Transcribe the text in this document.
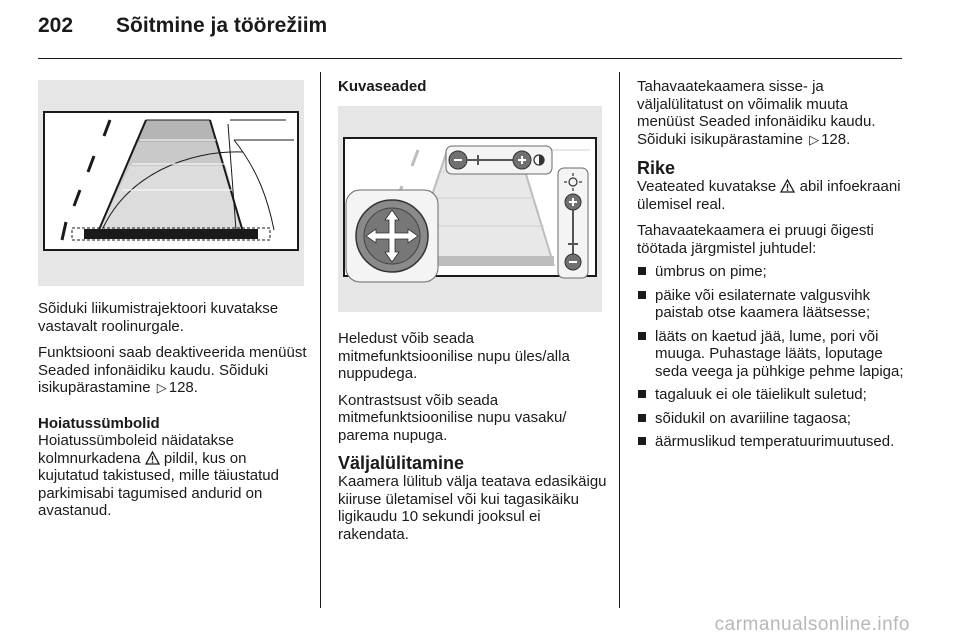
202 Sõitmine ja töörežiim

Sõiduki liikumistrajektoori kuvatakse vastavalt roolinurgale.

Funktsiooni saab deaktiveerida menüüst Seaded infonäidiku kaudu. Sõiduki isikupärastamine ▷ 128.

Hoiatussümbolid

Hoiatussümboleid näidatakse kolmnurkadena pildil, kus on kujutatud takistused, mille täiustatud parkimisabi tagumised andurid on avastanud.

Kuvaseaded

Heledust võib seada mitmefunktsioonilise nupu üles/alla nuppudega.

Kontrastsust võib seada mitmefunktsioonilise nupu vasaku/ parema nupuga.

Väljalülitamine

Kaamera lülitub välja teatava edasikäigu kiiruse ületamisel või kui tagasikäiku ligikaudu 10 sekundi jooksul ei rakendata.

Tahavaatekaamera sisse- ja väljalülitatust on võimalik muuta menüüst Seaded infonäidiku kaudu. Sõiduki isikupärastamine ▷ 128.

Rike

Veateated kuvatakse abil infoekraani ülemisel real.

Tahavaatekaamera ei pruugi õigesti töötada järgmistel juhtudel:

ümbrus on pime;
päike või esilaternate valgusvihk paistab otse kaamera läätsesse;
lääts on kaetud jää, lume, pori või muuga. Puhastage lääts, loputage seda veega ja pühkige pehme lapiga;
tagaluuk ei ole täielikult suletud;
sõidukil on avariiline tagaosa;
äärmuslikud temperatuurimuutused.
carmanualsonline.info
